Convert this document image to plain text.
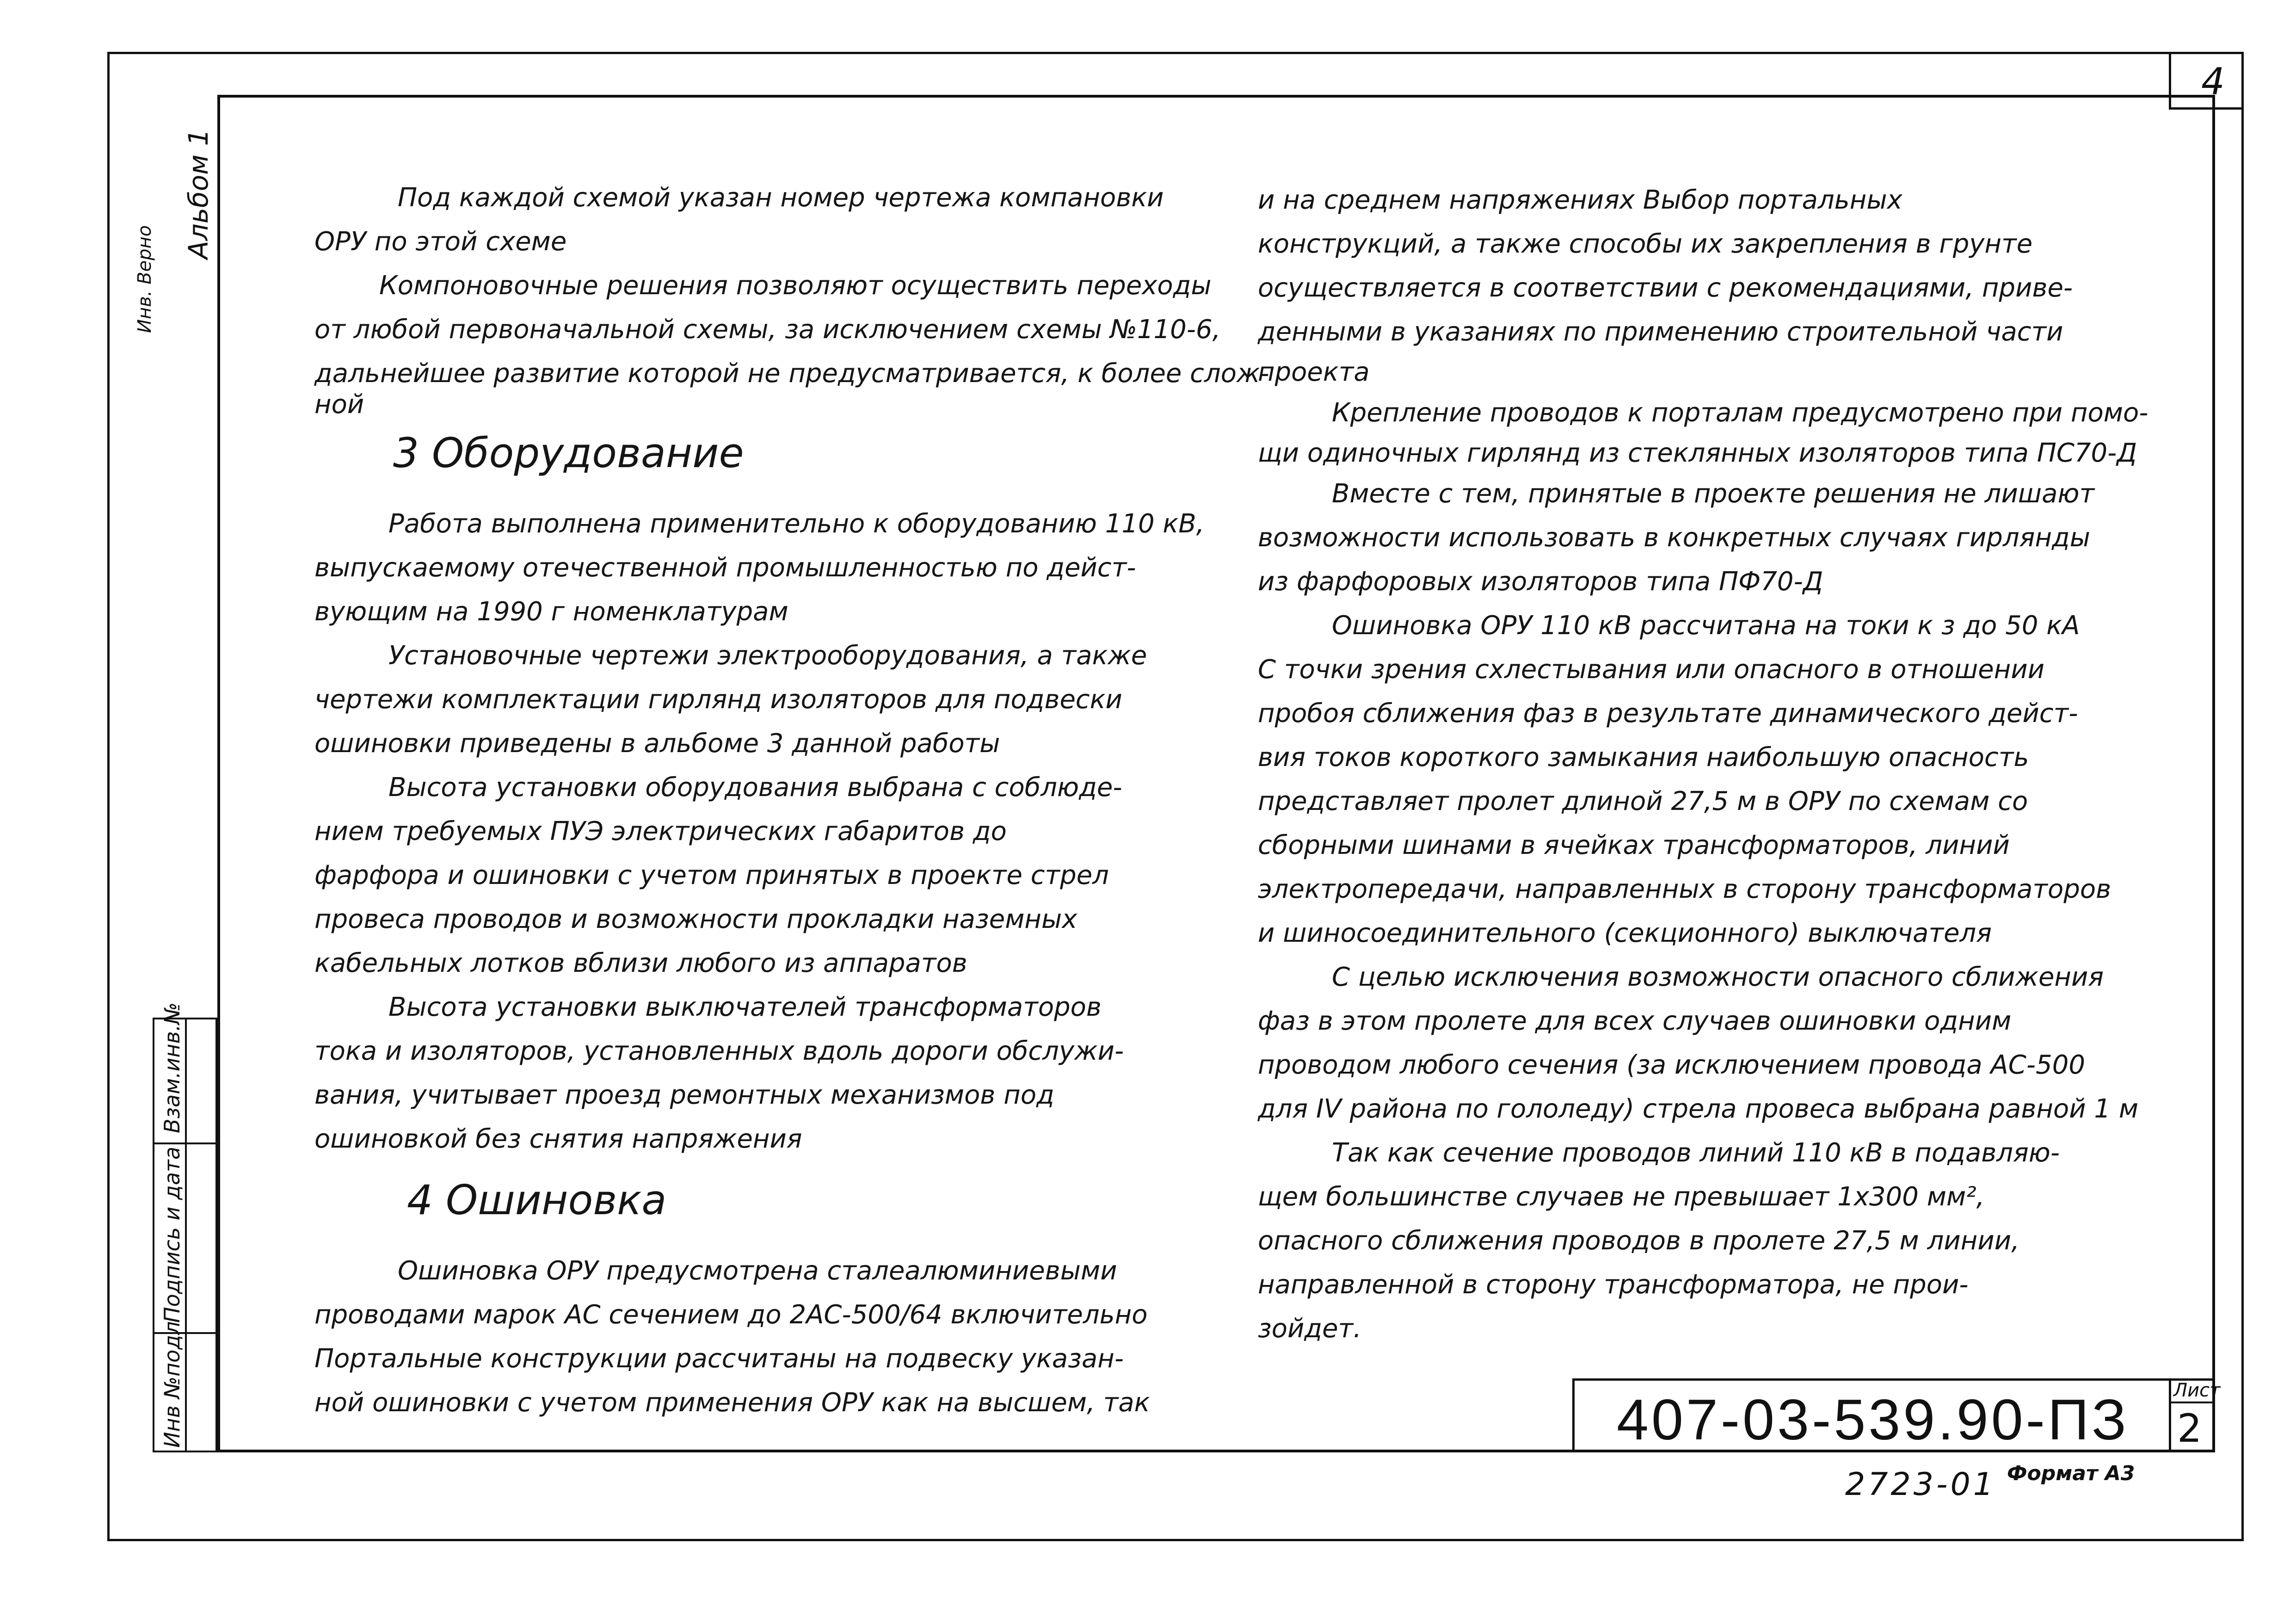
4
Инв №подл
Подпись и дата
Взам.инв.№
Альбом 1
Инв. Верно
407-03-539.90-ПЗ	Лист
2
2723-01 Формат А3

Под каждой схемой указан номер чертежа компановки

ОРУ по этой схеме

Компоновочные решения позволяют осуществить переходы

от любой первоначальной схемы, за исключением схемы №110-6,

дальнейшее развитие которой не предусматривается, к более слож-

ной

3 Оборудование

Работа выполнена применительно к оборудованию 110 кВ,

выпускаемому отечественной промышленностью по дейст-

вующим на 1990 г номенклатурам

Установочные чертежи электрооборудования, а также

чертежи комплектации гирлянд изоляторов для подвески

ошиновки приведены в альбоме 3 данной работы

Высота установки оборудования выбрана с соблюде-

нием требуемых ПУЭ электрических габаритов до

фарфора и ошиновки с учетом принятых в проекте стрел

провеса проводов и возможности прокладки наземных

кабельных лотков вблизи любого из аппаратов

Высота установки выключателей трансформаторов

тока и изоляторов, установленных вдоль дороги обслужи-

вания, учитывает проезд ремонтных механизмов под

ошиновкой без снятия напряжения

4 Ошиновка

Ошиновка ОРУ предусмотрена сталеалюминиевыми

проводами марок АС сечением до 2АС-500/64 включительно

Портальные конструкции рассчитаны на подвеску указан-

ной ошиновки с учетом применения ОРУ как на высшем, так

и на среднем напряжениях Выбор портальных

конструкций, а также способы их закрепления в грунте

осуществляется в соответствии с рекомендациями, приве-

денными в указаниях по применению строительной части

проекта

Крепление проводов к порталам предусмотрено при помо-

щи одиночных гирлянд из стеклянных изоляторов типа ПС70-Д

Вместе с тем, принятые в проекте решения не лишают

возможности использовать в конкретных случаях гирлянды

из фарфоровых изоляторов типа ПФ70-Д

Ошиновка ОРУ 110 кВ рассчитана на токи к з до 50 кА

С точки зрения схлестывания или опасного в отношении

пробоя сближения фаз в результате динамического дейст-

вия токов короткого замыкания наибольшую опасность

представляет пролет длиной 27,5 м в ОРУ по схемам со

сборными шинами в ячейках трансформаторов, линий

электропередачи, направленных в сторону трансформаторов

и шиносоединительного (секционного) выключателя

С целью исключения возможности опасного сближения

фаз в этом пролете для всех случаев ошиновки одним

проводом любого сечения (за исключением провода АС-500

для IV района по гололеду) стрела провеса выбрана равной 1 м

Так как сечение проводов линий 110 кВ в подавляю-

щем большинстве случаев не превышает 1х300 мм²,

опасного сближения проводов в пролете 27,5 м линии,

направленной в сторону трансформатора, не прои-

зойдет.
